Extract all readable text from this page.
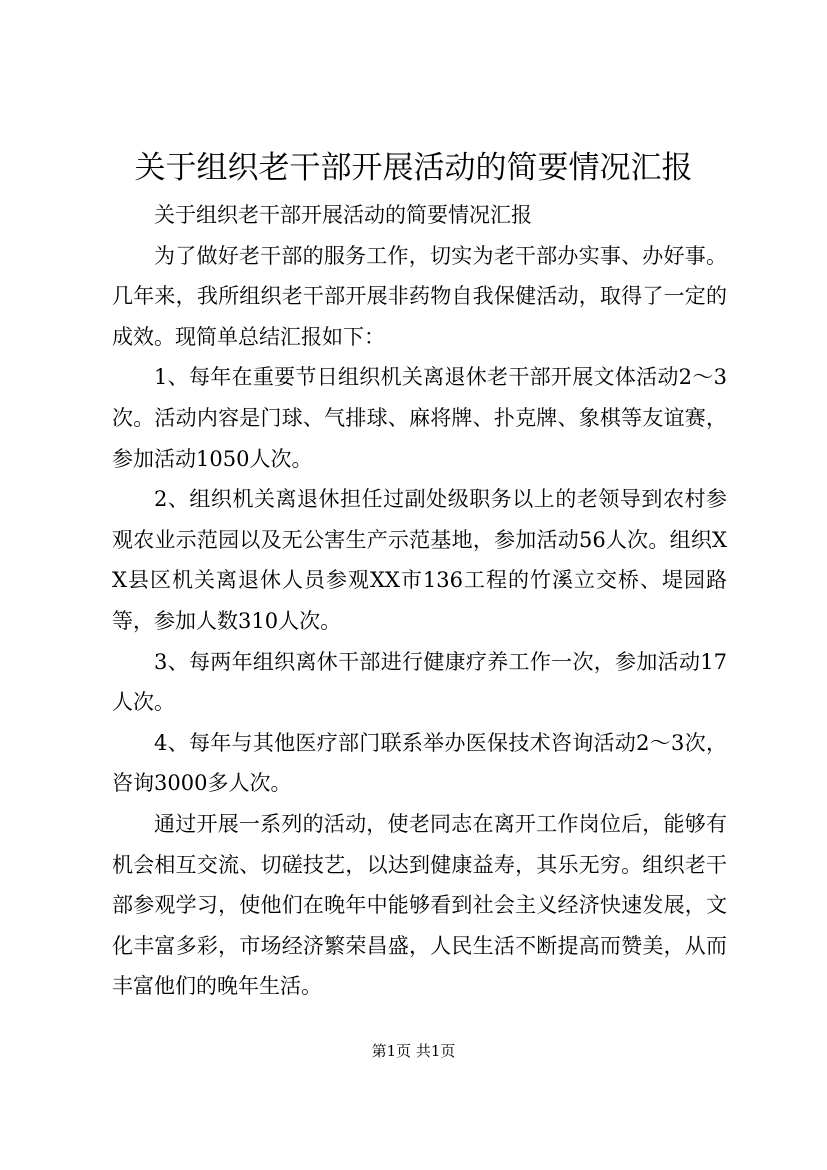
关于组织老干部开展活动的简要情况汇报

关于组织老干部开展活动的简要情况汇报

为了做好老干部的服务工作，切实为老干部办实事、办好事。几年来，我所组织老干部开展非药物自我保健活动，取得了一定的成效。现简单总结汇报如下：

1、每年在重要节日组织机关离退休老干部开展文体活动2～3次。活动内容是门球、气排球、麻将牌、扑克牌、象棋等友谊赛，参加活动1050人次。

2、组织机关离退休担任过副处级职务以上的老领导到农村参观农业示范园以及无公害生产示范基地，参加活动56人次。组织XX县区机关离退休人员参观XX市136工程的竹溪立交桥、堤园路等，参加人数310人次。

3、每两年组织离休干部进行健康疗养工作一次，参加活动17人次。

4、每年与其他医疗部门联系举办医保技术咨询活动2～3次，咨询3000多人次。

通过开展一系列的活动，使老同志在离开工作岗位后，能够有机会相互交流、切磋技艺，以达到健康益寿，其乐无穷。组织老干部参观学习，使他们在晚年中能够看到社会主义经济快速发展，文化丰富多彩，市场经济繁荣昌盛，人民生活不断提高而赞美，从而丰富他们的晚年生活。

第1页 共1页
